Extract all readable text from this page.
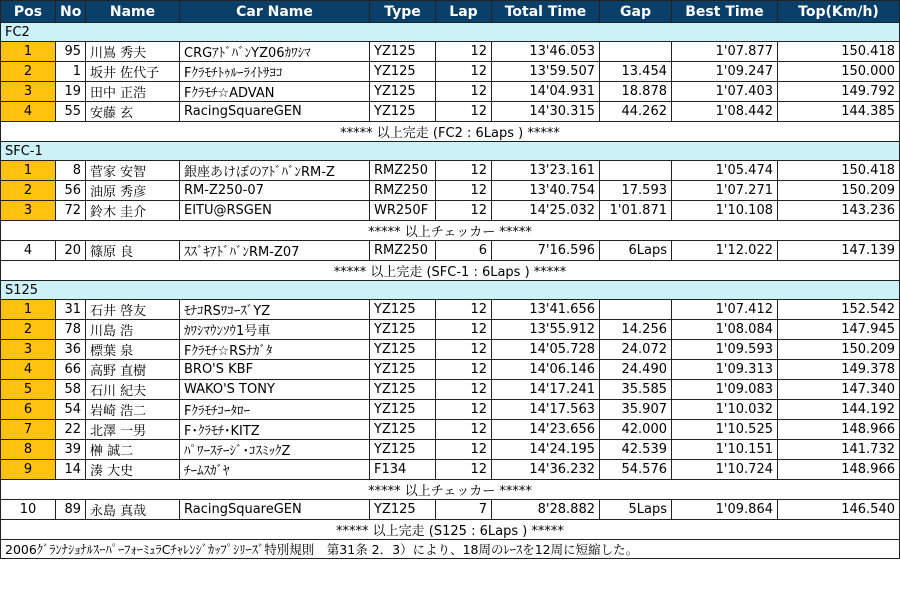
Pos	No	Name	Car Name	Type	Lap	Total Time	Gap	Best Time	Top(Km/h)
FC2									
1	95	川嶌 秀夫	CRGｱﾄﾞﾊﾞﾝYZ06ｶﾜｼﾏ	YZ125	12	13'46.053		1'07.877	150.418
2	1	坂井 佐代子	Fｸﾗﾓﾁﾄｩﾙｰﾗｲﾄｻﾖｺ	YZ125	12	13'59.507	13.454	1'09.247	150.000
3	19	田中 正浩	Fｸﾗﾓﾁ☆ADVAN	YZ125	12	14'04.931	18.878	1'07.403	149.792
4	55	安藤 玄	RacingSquareGEN	YZ125	12	14'30.315	44.262	1'08.442	144.385
***** 以上完走 (FC2 : 6Laps ) *****									
SFC-1									
1	8	菅家 安智	銀座あけぼのｱﾄﾞﾊﾞﾝRM-Z	RMZ250	12	13'23.161		1'05.474	150.418
2	56	油原 秀彦	RM-Z250-07	RMZ250	12	13'40.754	17.593	1'07.271	150.209
3	72	鈴木 圭介	EITU@RSGEN	WR250F	12	14'25.032	1'01.871	1'10.108	143.236
***** 以上チェッカー *****									
4	20	篠原 良	ｽｽﾞｷｱﾄﾞﾊﾞﾝRM-Z07	RMZ250	6	7'16.596	6Laps	1'12.022	147.139
***** 以上完走 (SFC-1 : 6Laps ) *****									
S125									
1	31	石井 啓友	ﾓﾅｺRSﾜｺｰｽﾞYZ	YZ125	12	13'41.656		1'07.412	152.542
2	78	川島 浩	ｶﾜｼﾏｳﾝｿｳ1号車	YZ125	12	13'55.912	14.256	1'08.084	147.945
3	36	標葉 泉	Fｸﾗﾓﾁ☆RSﾅｶﾞﾀ	YZ125	12	14'05.728	24.072	1'09.593	150.209
4	66	高野 直樹	BRO'S KBF	YZ125	12	14'06.146	24.490	1'09.313	149.378
5	58	石川 紀夫	WAKO'S TONY	YZ125	12	14'17.241	35.585	1'09.083	147.340
6	54	岩崎 浩二	Fｸﾗﾓﾁｺｰﾀﾛｰ	YZ125	12	14'17.563	35.907	1'10.032	144.192
7	22	北澤 一男	F･ｸﾗﾓﾁ･KITZ	YZ125	12	14'23.656	42.000	1'10.525	148.966
8	39	榊 誠二	ﾊﾟﾜｰｽﾃｰｼﾞ･ｺｽﾐｯｸZ	YZ125	12	14'24.195	42.539	1'10.151	141.732
9	14	湊 大史	ﾁｰﾑｽｶﾞﾔ	F134	12	14'36.232	54.576	1'10.724	148.966
***** 以上チェッカー *****									
10	89	永島 真哉	RacingSquareGEN	YZ125	7	8'28.882	5Laps	1'09.864	146.540
***** 以上完走 (S125 : 6Laps ) *****									
2006ｸﾞﾗﾝﾅｼｮﾅﾙｽｰﾊﾟｰﾌｫｰﾐｭﾗCﾁｬﾚﾝｼﾞｶｯﾌﾟｼﾘｰｽﾞ特別規則　第31条 2．3）により、18周のﾚｰｽを12周に短縮した。									
